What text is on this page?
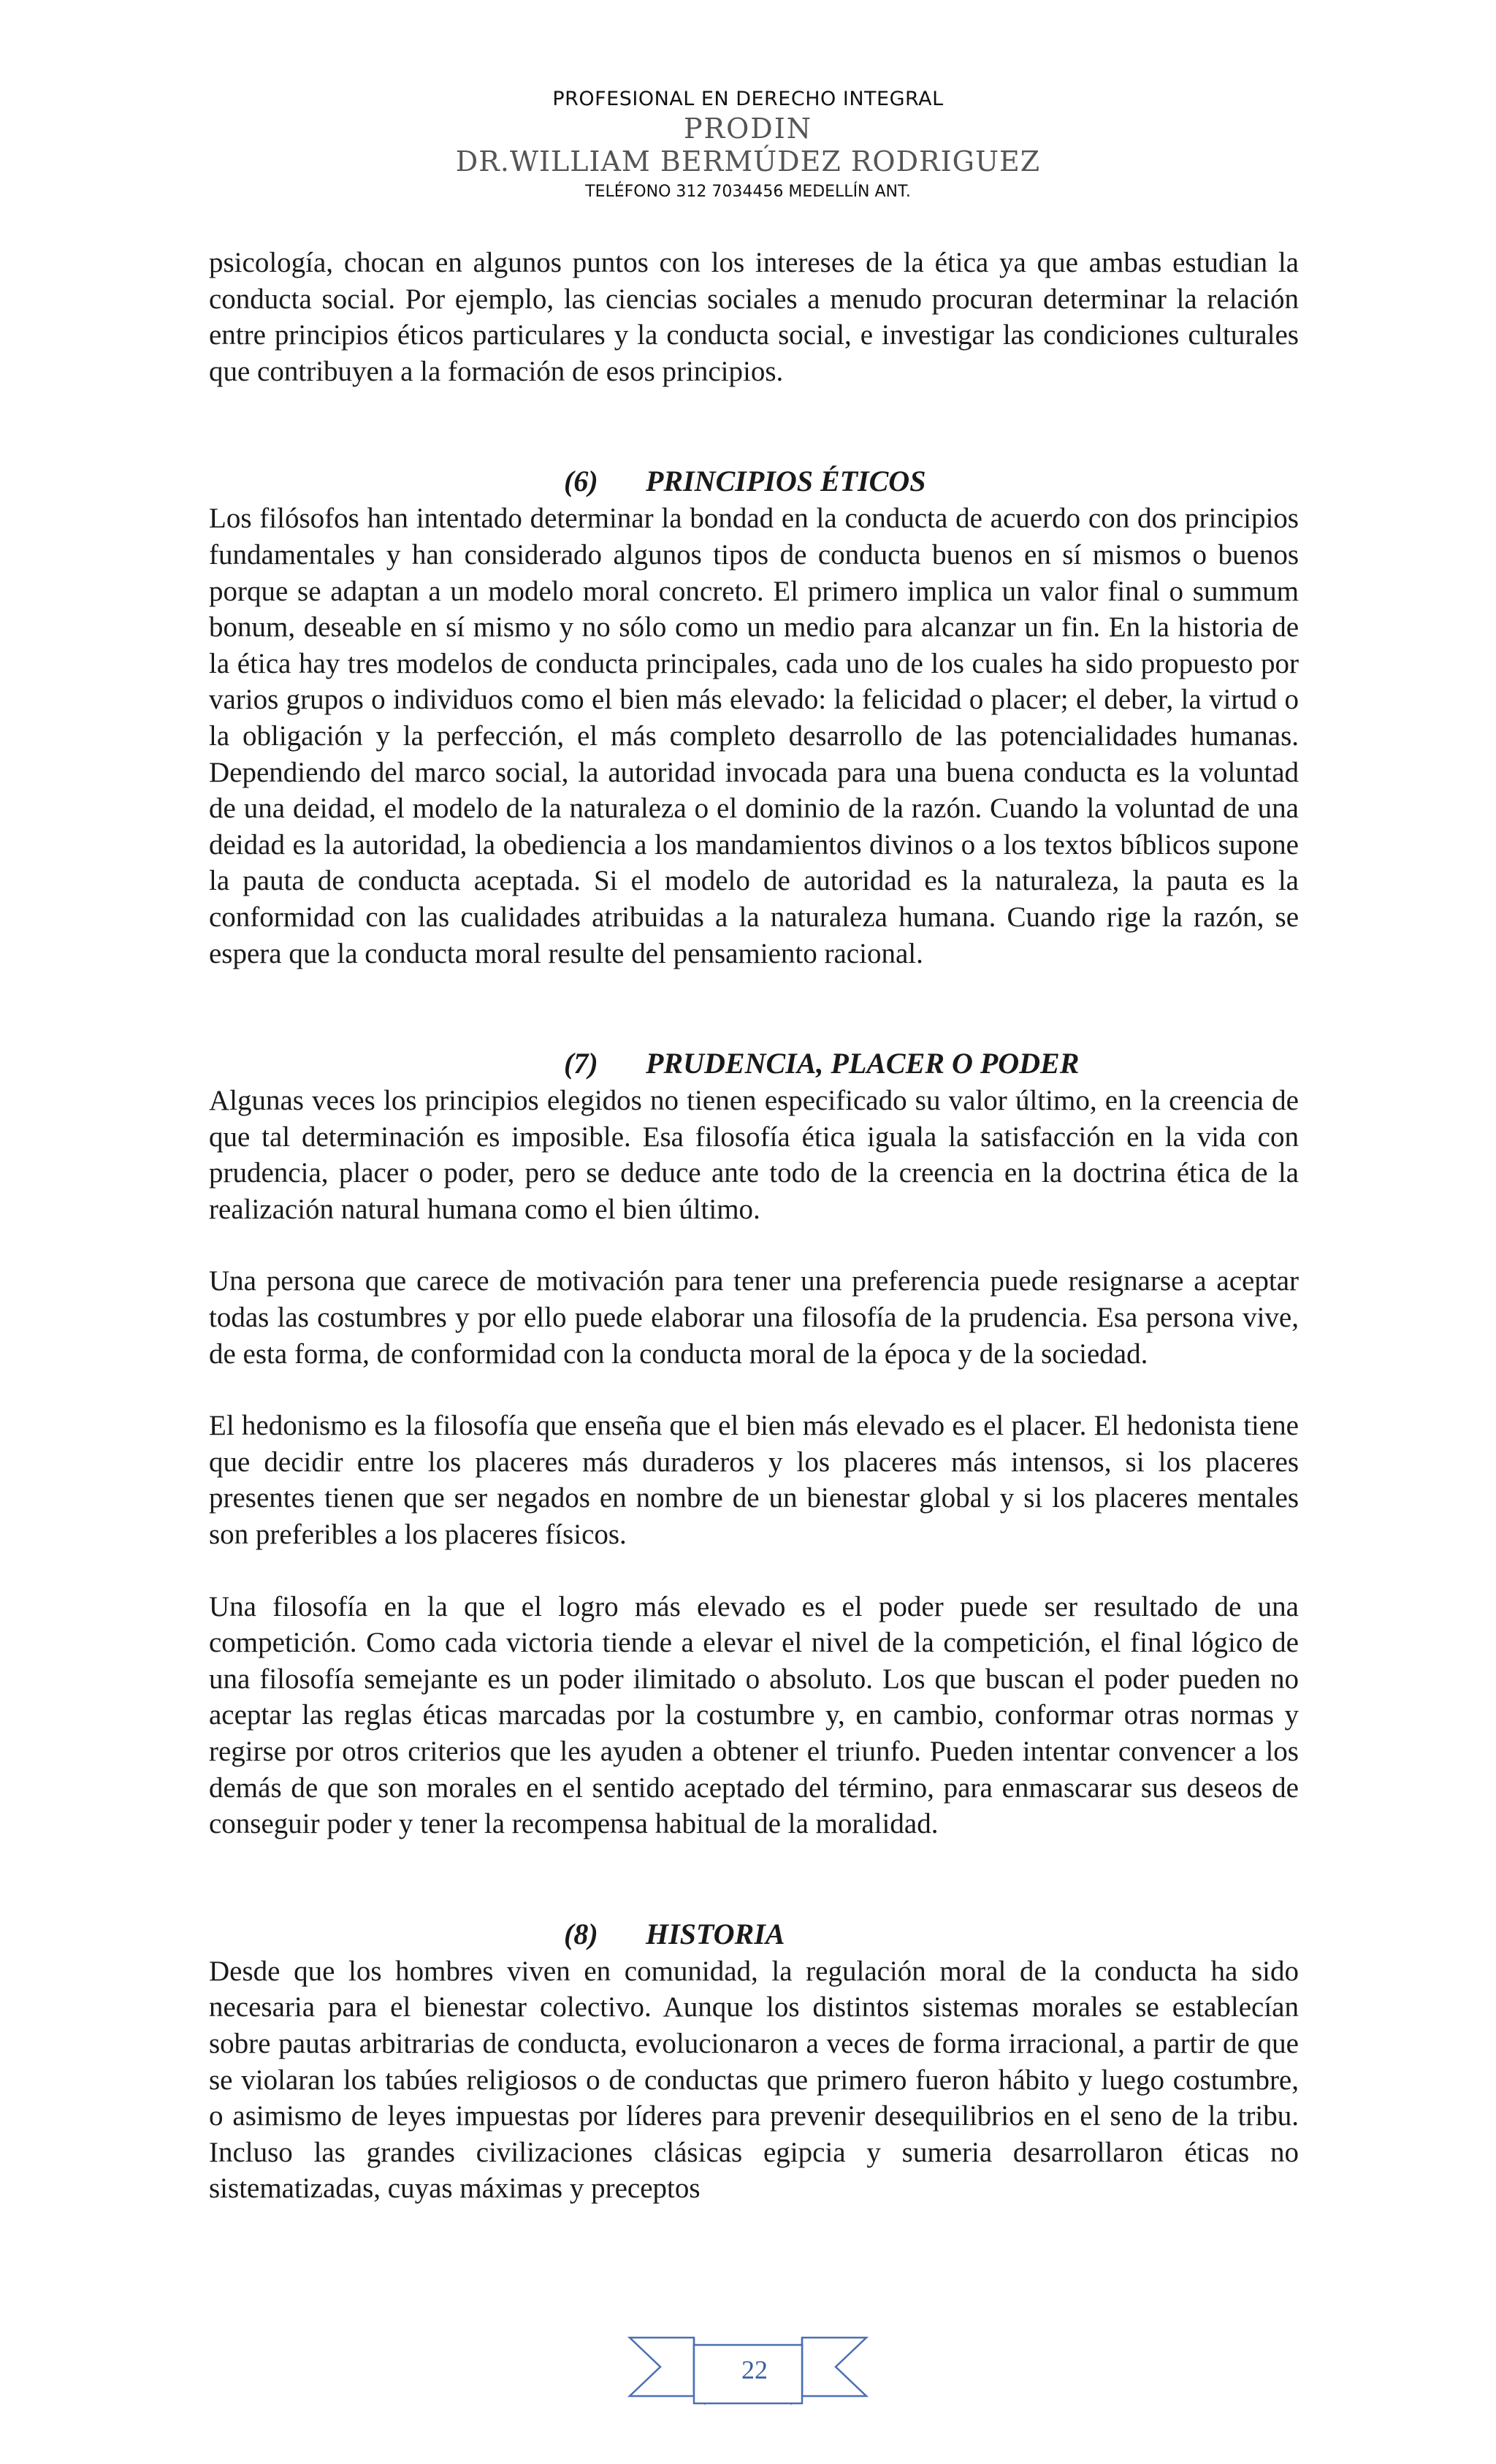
PROFESIONAL EN DERECHO INTEGRAL
PRODIN
DR.WILLIAM BERMÚDEZ RODRIGUEZ
TELÉFONO 312 7034456 MEDELLÍN ANT.

psicología, chocan en algunos puntos con los intereses de la ética ya que ambas estudian la conducta social. Por ejemplo, las ciencias sociales a menudo procuran determinar la relación entre principios éticos particulares y la conducta social, e investigar las condiciones culturales que contribuyen a la formación de esos principios.

(6) PRINCIPIOS ÉTICOS

Los filósofos han intentado determinar la bondad en la conducta de acuerdo con dos principios fundamentales y han considerado algunos tipos de conducta buenos en sí mismos o buenos porque se adaptan a un modelo moral concreto. El primero implica un valor final o summum bonum, deseable en sí mismo y no sólo como un medio para alcanzar un fin. En la historia de la ética hay tres modelos de conducta principales, cada uno de los cuales ha sido propuesto por varios grupos o individuos como el bien más elevado: la felicidad o placer; el deber, la virtud o la obligación y la perfección, el más completo desarrollo de las potencialidades humanas. Dependiendo del marco social, la autoridad invocada para una buena conducta es la voluntad de una deidad, el modelo de la naturaleza o el dominio de la razón. Cuando la voluntad de una deidad es la autoridad, la obediencia a los mandamientos divinos o a los textos bíblicos supone la pauta de conducta aceptada. Si el modelo de autoridad es la naturaleza, la pauta es la conformidad con las cualidades atribuidas a la naturaleza humana. Cuando rige la razón, se espera que la conducta moral resulte del pensamiento racional.

(7) PRUDENCIA, PLACER O PODER

Algunas veces los principios elegidos no tienen especificado su valor último, en la creencia de que tal determinación es imposible. Esa filosofía ética iguala la satisfacción en la vida con prudencia, placer o poder, pero se deduce ante todo de la creencia en la doctrina ética de la realización natural humana como el bien último.

Una persona que carece de motivación para tener una preferencia puede resignarse a aceptar todas las costumbres y por ello puede elaborar una filosofía de la prudencia. Esa persona vive, de esta forma, de conformidad con la conducta moral de la época y de la sociedad.

El hedonismo es la filosofía que enseña que el bien más elevado es el placer. El hedonista tiene que decidir entre los placeres más duraderos y los placeres más intensos, si los placeres presentes tienen que ser negados en nombre de un bienestar global y si los placeres mentales son preferibles a los placeres físicos.

Una filosofía en la que el logro más elevado es el poder puede ser resultado de una competición. Como cada victoria tiende a elevar el nivel de la competición, el final lógico de una filosofía semejante es un poder ilimitado o absoluto. Los que buscan el poder pueden no aceptar las reglas éticas marcadas por la costumbre y, en cambio, conformar otras normas y regirse por otros criterios que les ayuden a obtener el triunfo. Pueden intentar convencer a los demás de que son morales en el sentido aceptado del término, para enmascarar sus deseos de conseguir poder y tener la recompensa habitual de la moralidad.

(8) HISTORIA

Desde que los hombres viven en comunidad, la regulación moral de la conducta ha sido necesaria para el bienestar colectivo. Aunque los distintos sistemas morales se establecían sobre pautas arbitrarias de conducta, evolucionaron a veces de forma irracional, a partir de que se violaran los tabúes religiosos o de conductas que primero fueron hábito y luego costumbre, o asimismo de leyes impuestas por líderes para prevenir desequilibrios en el seno de la tribu. Incluso las grandes civilizaciones clásicas egipcia y sumeria desarrollaron éticas no sistematizadas, cuyas máximas y preceptos

22
